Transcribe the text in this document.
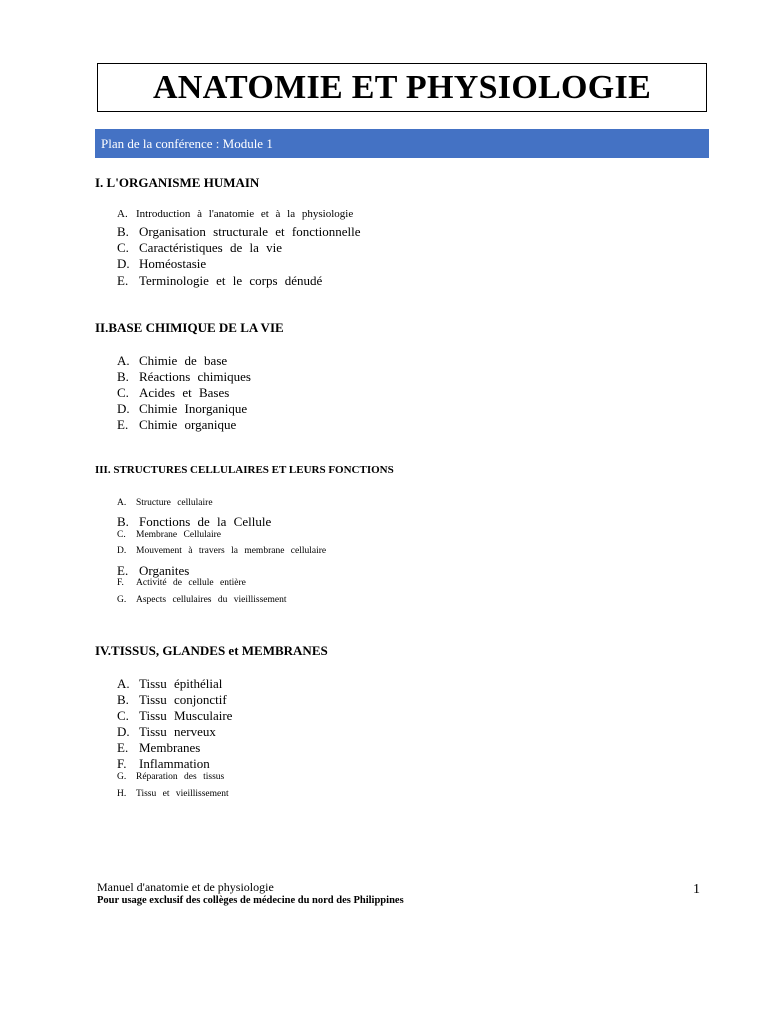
ANATOMIE ET PHYSIOLOGIE
Plan de la conférence : Module 1
I. L'ORGANISME HUMAIN
A. Introduction à l'anatomie et à la physiologie
B. Organisation structurale et fonctionnelle
C. Caractéristiques de la vie
D. Homéostasie
E. Terminologie et le corps dénudé
II.BASE CHIMIQUE DE LA VIE
A. Chimie de base
B. Réactions chimiques
C. Acides et Bases
D. Chimie Inorganique
E. Chimie organique
III. STRUCTURES CELLULAIRES ET LEURS FONCTIONS
A. Structure cellulaire
B. Fonctions de la Cellule
C. Membrane Cellulaire
D. Mouvement à travers la membrane cellulaire
E. Organites
F. Activité de cellule entière
G. Aspects cellulaires du vieillissement
IV.TISSUS, GLANDES et MEMBRANES
A. Tissu épithélial
B. Tissu conjonctif
C. Tissu Musculaire
D. Tissu nerveux
E. Membranes
F. Inflammation
G. Réparation des tissus
H. Tissu et vieillissement
Manuel d'anatomie et de physiologie
Pour usage exclusif des collèges de médecine du nord des Philippines
1
